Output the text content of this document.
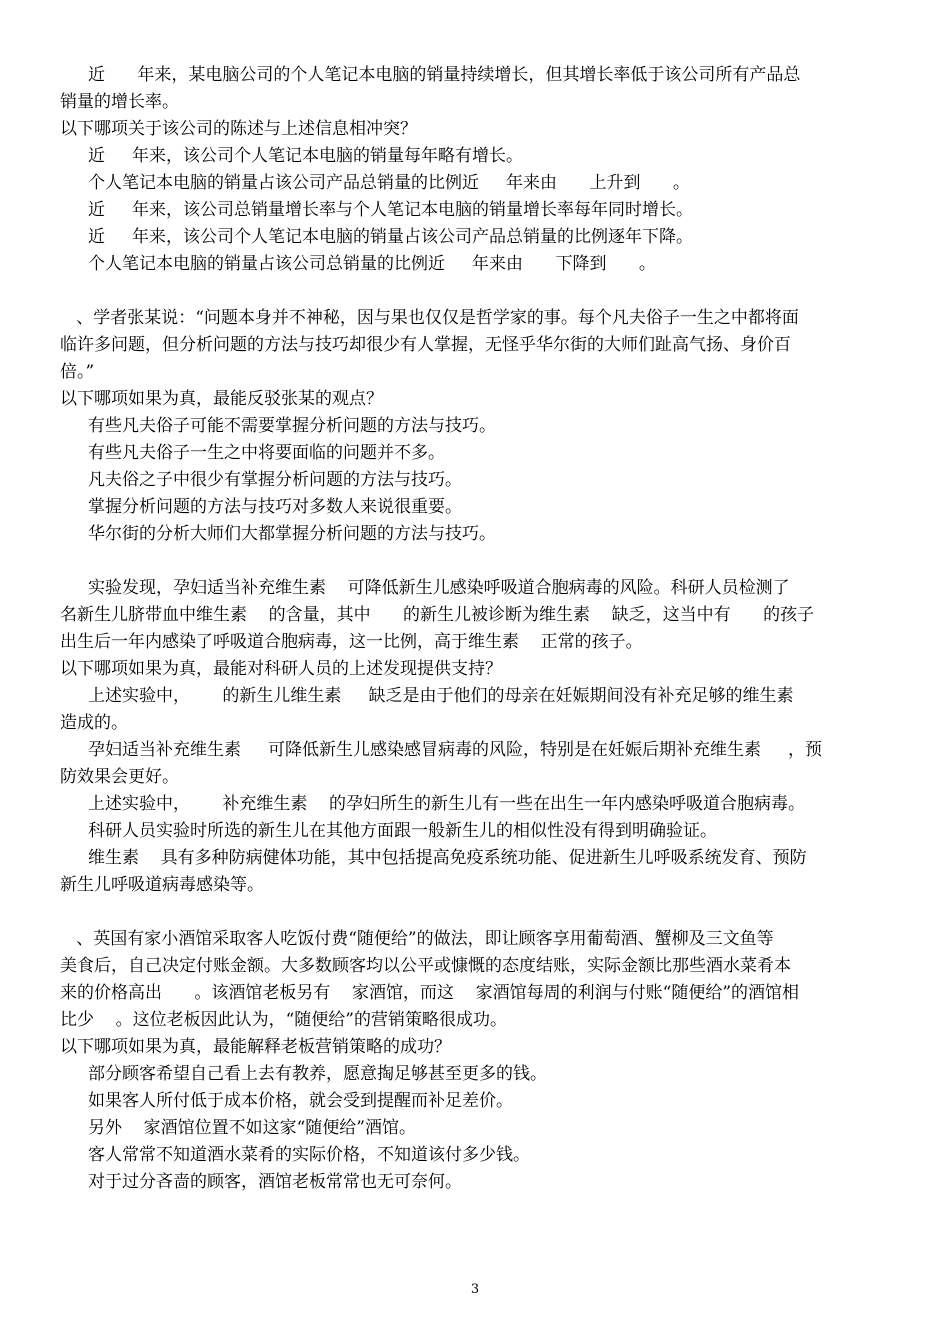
近      年来，某电脑公司的个人笔记本电脑的销量持续增长，但其增长率低于该公司所有产品总
销量的增长率。
以下哪项关于该公司的陈述与上述信息相冲突？
近     年来，该公司个人笔记本电脑的销量每年略有增长。
个人笔记本电脑的销量占该公司产品总销量的比例近     年来由      上升到      。
近     年来，该公司总销量增长率与个人笔记本电脑的销量增长率每年同时增长。
近     年来，该公司个人笔记本电脑的销量占该公司产品总销量的比例逐年下降。
个人笔记本电脑的销量占该公司总销量的比例近     年来由      下降到      。
、学者张某说：“问题本身并不神秘，因与果也仅仅是哲学家的事。每个凡夫俗子一生之中都将面
临许多问题，但分析问题的方法与技巧却很少有人掌握，无怪乎华尔街的大师们趾高气扬、身价百
倍。”
以下哪项如果为真，最能反驳张某的观点？
有些凡夫俗子可能不需要掌握分析问题的方法与技巧。
有些凡夫俗子一生之中将要面临的问题并不多。
凡夫俗之子中很少有掌握分析问题的方法与技巧。
掌握分析问题的方法与技巧对多数人来说很重要。
华尔街的分析大师们大都掌握分析问题的方法与技巧。
实验发现，孕妇适当补充维生素    可降低新生儿感染呼吸道合胞病毒的风险。科研人员检测了
名新生儿脐带血中维生素    的含量，其中      的新生儿被诊断为维生素    缺乏，这当中有      的孩子
出生后一年内感染了呼吸道合胞病毒，这一比例，高于维生素    正常的孩子。
以下哪项如果为真，最能对科研人员的上述发现提供支持？
上述实验中，      的新生儿维生素     缺乏是由于他们的母亲在妊娠期间没有补充足够的维生素
造成的。
孕妇适当补充维生素     可降低新生儿感染感冒病毒的风险，特别是在妊娠后期补充维生素     ，预
防效果会更好。
上述实验中，      补充维生素    的孕妇所生的新生儿有一些在出生一年内感染呼吸道合胞病毒。
科研人员实验时所选的新生儿在其他方面跟一般新生儿的相似性没有得到明确验证。
维生素    具有多种防病健体功能，其中包括提高免疫系统功能、促进新生儿呼吸系统发育、预防
新生儿呼吸道病毒感染等。
、英国有家小酒馆采取客人吃饭付费“随便给”的做法，即让顾客享用葡萄酒、蟹柳及三文鱼等
美食后，自己决定付账金额。大多数顾客均以公平或慷慨的态度结账，实际金额比那些酒水菜肴本
来的价格高出      。该酒馆老板另有    家酒馆，而这    家酒馆每周的利润与付账“随便给”的酒馆相
比少    。这位老板因此认为，“随便给”的营销策略很成功。
以下哪项如果为真，最能解释老板营销策略的成功？
部分顾客希望自己看上去有教养，愿意掏足够甚至更多的钱。
如果客人所付低于成本价格，就会受到提醒而补足差价。
另外    家酒馆位置不如这家“随便给”酒馆。
客人常常不知道酒水菜肴的实际价格，不知道该付多少钱。
对于过分吝啬的顾客，酒馆老板常常也无可奈何。
3
